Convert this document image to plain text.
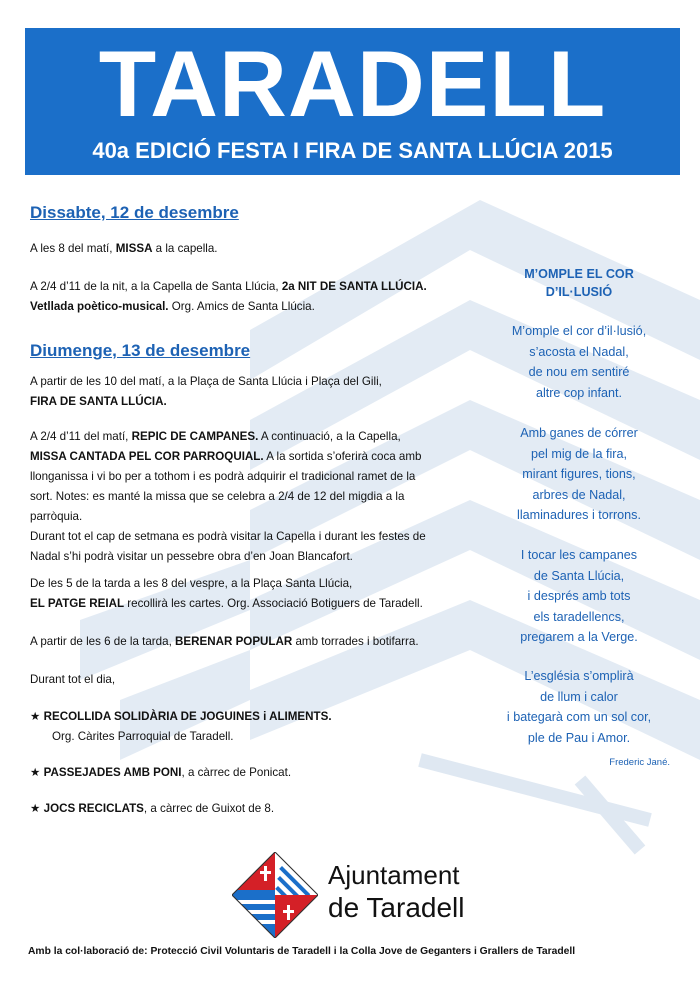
TARADELL
40a EDICIÓ FESTA I FIRA DE SANTA LLÚCIA 2015
Dissabte, 12 de desembre
A les 8 del matí, MISSA a la capella.
A 2/4 d’11 de la nit, a la Capella de Santa Llúcia, 2a NIT DE SANTA LLÚCIA.
Vetllada poètico-musical. Org. Amics de Santa Llúcia.
Diumenge, 13 de desembre
A partir de les 10 del matí, a la Plaça de Santa Llúcia i Plaça del Gili,
FIRA DE SANTA LLÚCIA.
A 2/4 d’11 del matí, REPIC DE CAMPANES. A continuació, a la Capella,
MISSA CANTADA PEL COR PARROQUIAL. A la sortida s’oferirà coca amb
llonganissa i vi bo per a tothom i es podrà adquirir el tradicional ramet de la
sort. Notes: es manté la missa que se celebra a 2/4 de 12 del migdia a la
parròquia.
Durant tot el cap de setmana es podrà visitar la Capella i durant les festes de
Nadal s’hi podrà visitar un pessebre obra d’en Joan Blancafort.
De les 5 de la tarda a les 8 del vespre, a la Plaça Santa Llúcia,
EL PATGE REIAL recollirà les cartes. Org. Associació Botiguers de Taradell.
A partir de les 6 de la tarda, BERENAR POPULAR amb torrades i botifarra.
Durant tot el dia,
★ RECOLLIDA SOLIDÀRIA DE JOGUINES i ALIMENTS.
Org. Càrites Parroquial de Taradell.
★ PASSEJADES AMB PONI, a càrrec de Ponicat.
★ JOCS RECICLATS, a càrrec de Guixot de 8.
M’OMPLE EL COR
D’IL·LUSIÓ
M’omple el cor d’il·lusió,
s’acosta el Nadal,
de nou em sentiré
altre cop infant.
Amb ganes de córrer
pel mig de la fira,
mirant figures, tions,
arbres de Nadal,
llaminadures i torrons.
I tocar les campanes
de Santa Llúcia,
i després amb tots
els taradellencs,
pregarem a la Verge.
L’església s’omplirà
de llum i calor
i bategarà com un sol cor,
ple de Pau i Amor.
Frederic Jané.
Ajuntament
de Taradell
Amb la col·laboració de: Protecció Civil Voluntaris de Taradell i la Colla Jove de Geganters i Grallers de Taradell
